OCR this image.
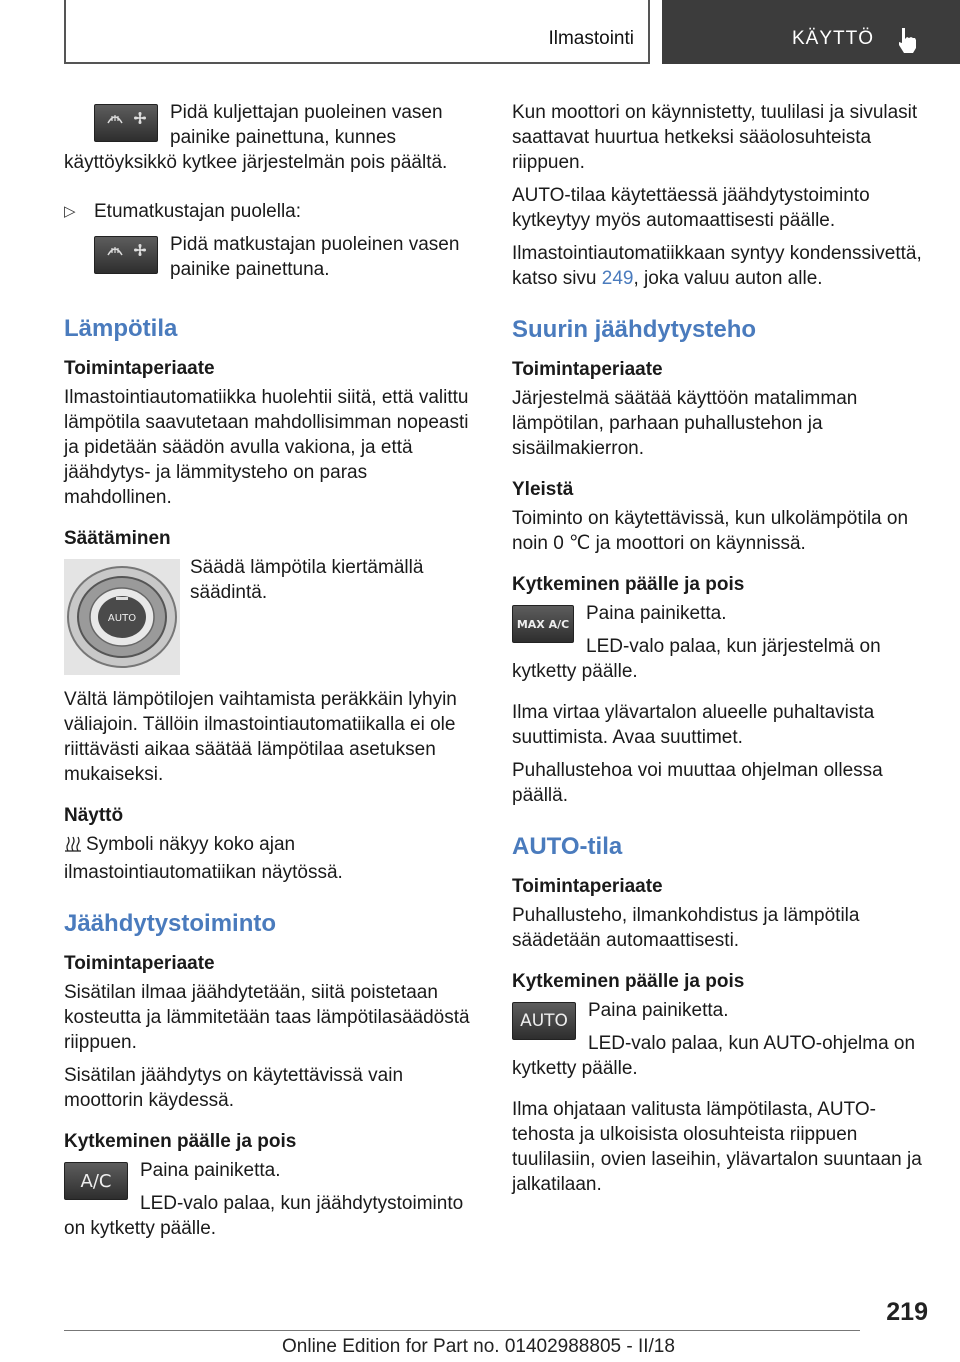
Ilmastointi	KÄYTTÖ

Pidä kuljettajan puoleinen vasen painike painettuna, kunnes käyttöyksikkö kytkee järjestelmän pois päältä.

▷ Etumatkustajan puolella:

Pidä matkustajan puoleinen vasen painike painettuna.

Lämpötila
Toimintaperiaate

Ilmastointiautomatiikka huolehtii siitä, että valittu lämpötila saavutetaan mahdollisimman nopeasti ja pidetään säädön avulla vakiona, ja että jäähdytys- ja lämmitysteho on paras mahdollinen.

Säätäminen
AUTO

Säädä lämpötila kiertämällä säädintä.

Vältä lämpötilojen vaihtamista peräkkäin lyhyin väliajoin. Tällöin ilmastointiautomatiikalla ei ole riittävästi aikaa säätää lämpötilaa asetuksen mukaiseksi.

Näyttö

Symboli näkyy koko ajan ilmastointiautomatiikan näytössä.

Jäähdytystoiminto
Toimintaperiaate

Sisätilan ilmaa jäähdytetään, siitä poistetaan kosteutta ja lämmitetään taas lämpötilasäädöstä riippuen.

Sisätilan jäähdytys on käytettävissä vain moottorin käydessä.

Kytkeminen päälle ja pois
A/C	Paina painiketta.

LED-valo palaa, kun jäähdytystoiminto on kytketty päälle.

Kun moottori on käynnistetty, tuulilasi ja sivulasit saattavat huurtua hetkeksi sääolosuhteista riippuen.

AUTO-tilaa käytettäessä jäähdytystoiminto kytkeytyy myös automaattisesti päälle.

Ilmastointiautomatiikkaan syntyy kondenssivettä, katso sivu 249, joka valuu auton alle.

Suurin jäähdytysteho
Toimintaperiaate

Järjestelmä säätää käyttöön matalimman lämpötilan, parhaan puhallustehon ja sisäilmakierron.

Yleistä

Toiminto on käytettävissä, kun ulkolämpötila on noin 0 ℃ ja moottori on käynnissä.

Kytkeminen päälle ja pois
MAX A/C Paina painiketta.

LED-valo palaa, kun järjestelmä on kytketty päälle.

Ilma virtaa ylävartalon alueelle puhaltavista suuttimista. Avaa suuttimet.

Puhallustehoa voi muuttaa ohjelman ollessa päällä.

AUTO-tila
Toimintaperiaate

Puhallusteho, ilmankohdistus ja lämpötila säädetään automaattisesti.

Kytkeminen päälle ja pois
AUTO	Paina painiketta.

LED-valo palaa, kun AUTO-ohjelma on kytketty päälle.

Ilma ohjataan valitusta lämpötilasta, AUTO-tehosta ja ulkoisista olosuhteista riippuen tuulilasiin, ovien laseihin, ylävartalon suuntaan ja jalkatilaan.

219
Online Edition for Part no. 01402988805 - II/18
